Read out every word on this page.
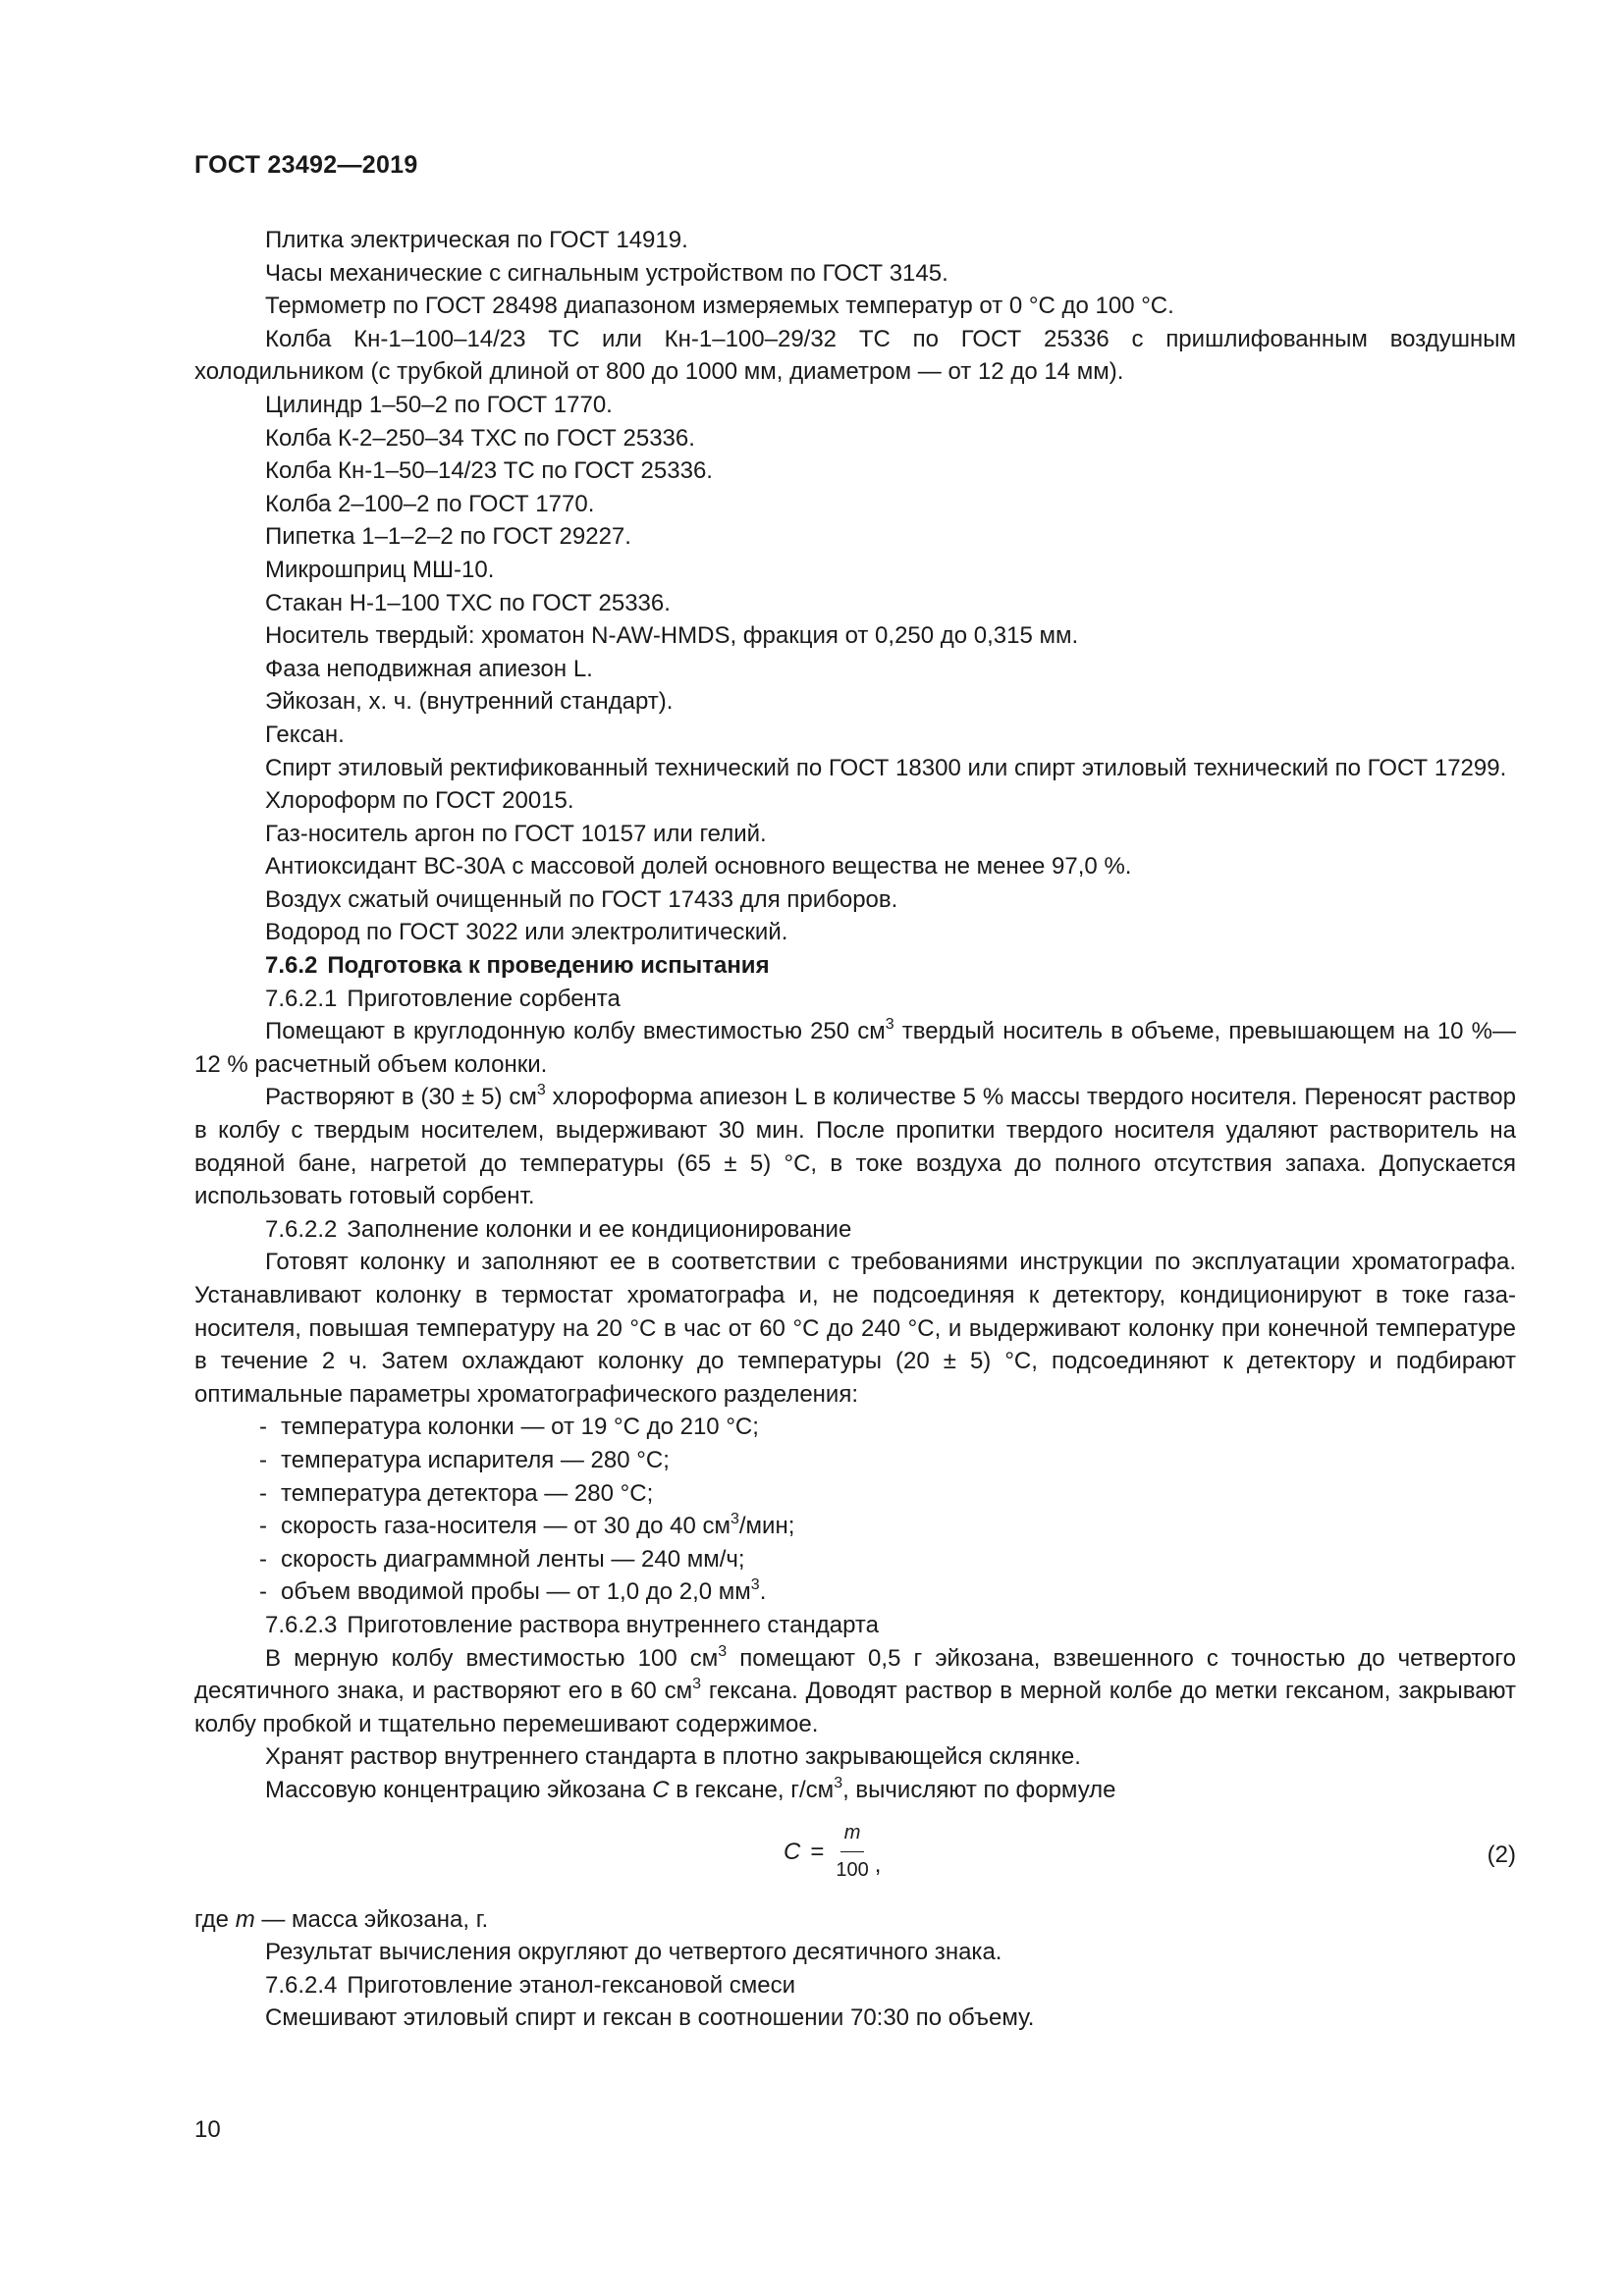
ГОСТ 23492—2019

Плитка электрическая по ГОСТ 14919.

Часы механические с сигнальным устройством по ГОСТ 3145.

Термометр по ГОСТ 28498 диапазоном измеряемых температур от 0 °С до 100 °С.

Колба Кн-1–100–14/23 ТС или Кн-1–100–29/32 ТС по ГОСТ 25336 с пришлифованным воздушным холодильником (с трубкой длиной от 800 до 1000 мм, диаметром — от 12 до 14 мм).

Цилиндр 1–50–2 по ГОСТ 1770.

Колба К-2–250–34 ТХС по ГОСТ 25336.

Колба Кн-1–50–14/23 ТС по ГОСТ 25336.

Колба 2–100–2 по ГОСТ 1770.

Пипетка 1–1–2–2 по ГОСТ 29227.

Микрошприц МШ-10.

Стакан Н-1–100 ТХС по ГОСТ 25336.

Носитель твердый: хроматон N-AW-HMDS, фракция от 0,250 до 0,315 мм.

Фаза неподвижная апиезон L.

Эйкозан, х. ч. (внутренний стандарт).

Гексан.

Спирт этиловый ректификованный технический по ГОСТ 18300 или спирт этиловый технический по ГОСТ 17299.

Хлороформ по ГОСТ 20015.

Газ-носитель аргон по ГОСТ 10157 или гелий.

Антиоксидант ВС-30А с массовой долей основного вещества не менее 97,0 %.

Воздух сжатый очищенный по ГОСТ 17433 для приборов.

Водород по ГОСТ 3022 или электролитический.

7.6.2 Подготовка к проведению испытания

7.6.2.1 Приготовление сорбента

Помещают в круглодонную колбу вместимостью 250 $см^3$ твердый носитель в объеме, превышающем на 10 %—12 % расчетный объем колонки.

Растворяют в (30 ± 5) $см^3$ хлороформа апиезон L в количестве 5 % массы твердого носителя. Переносят раствор в колбу с твердым носителем, выдерживают 30 мин. После пропитки твердого носителя удаляют растворитель на водяной бане, нагретой до температуры (65 ± 5) °С, в токе воздуха до полного отсутствия запаха. Допускается использовать готовый сорбент.

7.6.2.2 Заполнение колонки и ее кондиционирование

Готовят колонку и заполняют ее в соответствии с требованиями инструкции по эксплуатации хроматографа. Устанавливают колонку в термостат хроматографа и, не подсоединяя к детектору, кондиционируют в токе газа-носителя, повышая температуру на 20 °С в час от 60 °С до 240 °С, и выдерживают колонку при конечной температуре в течение 2 ч. Затем охлаждают колонку до температуры (20 ± 5) °С, подсоединяют к детектору и подбирают оптимальные параметры хроматографического разделения:

- температура колонки — от 19 °С до 210 °С;
- температура испарителя — 280 °С;
- температура детектора — 280 °С;
- скорость газа-носителя — от 30 до 40 $см^3$/мин;
- скорость диаграммной ленты — 240 мм/ч;
- объем вводимой пробы — от 1,0 до 2,0 $мм^3$.

7.6.2.3 Приготовление раствора внутреннего стандарта

В мерную колбу вместимостью 100 $см^3$ помещают 0,5 г эйкозана, взвешенного с точностью до четвертого десятичного знака, и растворяют его в 60 $см^3$ гексана. Доводят раствор в мерной колбе до метки гексаном, закрывают колбу пробкой и тщательно перемешивают содержимое.

Хранят раствор внутреннего стандарта в плотно закрывающейся склянке.

Массовую концентрацию эйкозана С в гексане, $г/см^3$, вычисляют по формуле

$C = \frac{m}{100}$ ,	(2)

где m — масса эйкозана, г.

Результат вычисления округляют до четвертого десятичного знака.

7.6.2.4 Приготовление этанол-гексановой смеси

Смешивают этиловый спирт и гексан в соотношении 70:30 по объему.

10
